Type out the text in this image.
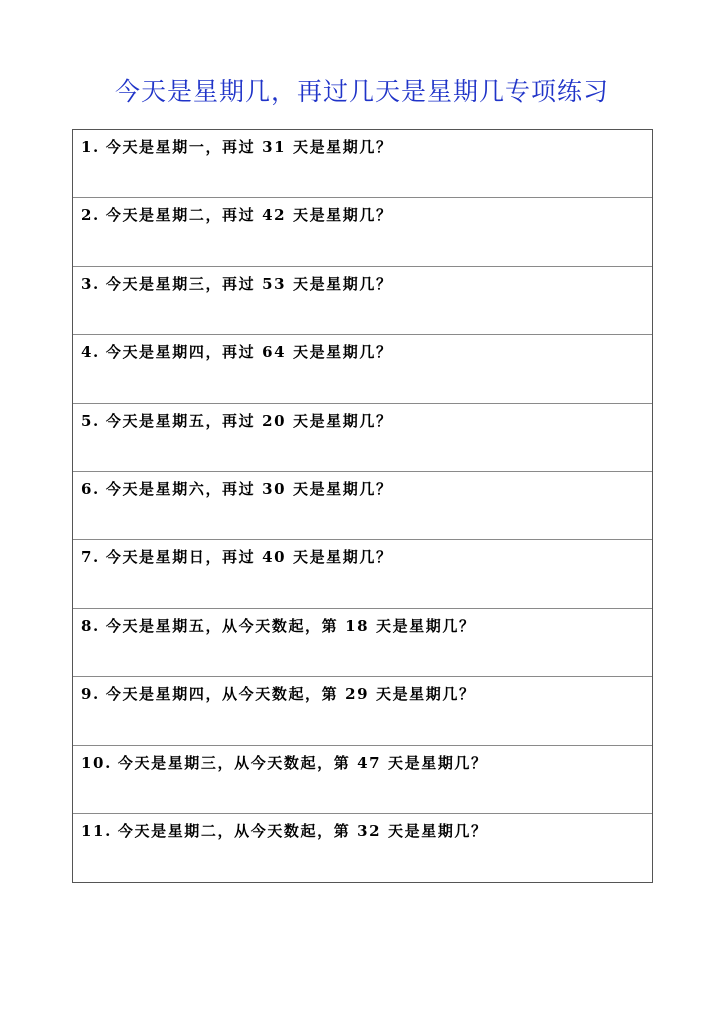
今天是星期几，再过几天是星期几专项练习
1. 今天是星期一，再过 31 天是星期几？
2. 今天是星期二，再过 42 天是星期几？
3. 今天是星期三，再过 53 天是星期几？
4. 今天是星期四，再过 64 天是星期几？
5. 今天是星期五，再过 20 天是星期几？
6. 今天是星期六，再过 30 天是星期几？
7. 今天是星期日，再过 40 天是星期几？
8. 今天是星期五，从今天数起，第 18 天是星期几？
9. 今天是星期四，从今天数起，第 29 天是星期几？
10. 今天是星期三，从今天数起，第 47 天是星期几？
11. 今天是星期二，从今天数起，第 32 天是星期几？
